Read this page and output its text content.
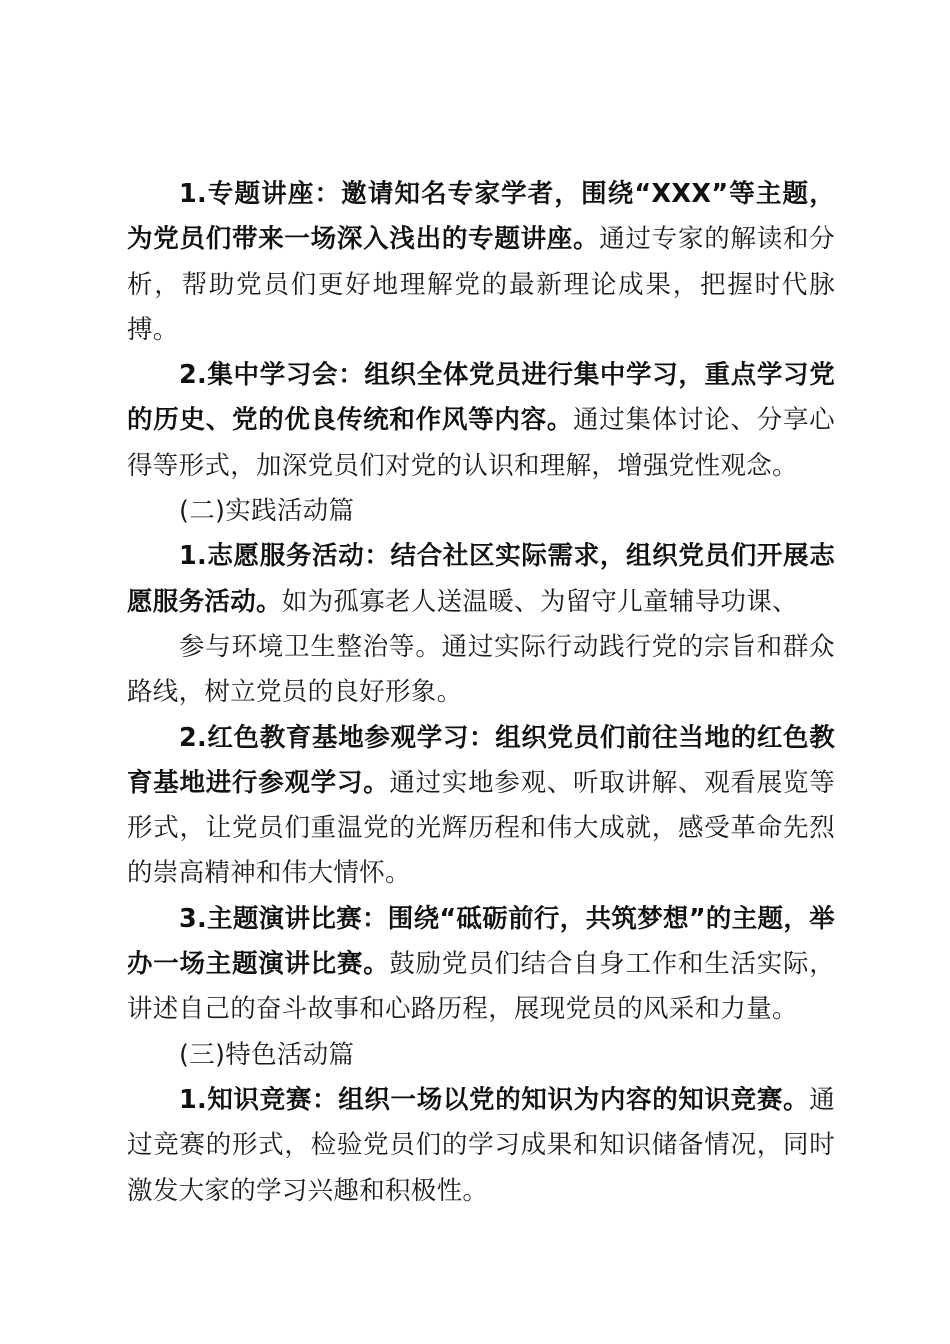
1.专题讲座：邀请知名专家学者，围绕“XXX”等主题，为党员们带来一场深入浅出的专题讲座。通过专家的解读和分析，帮助党员们更好地理解党的最新理论成果，把握时代脉搏。

2.集中学习会：组织全体党员进行集中学习，重点学习党的历史、党的优良传统和作风等内容。通过集体讨论、分享心得等形式，加深党员们对党的认识和理解，增强党性观念。

(二)实践活动篇

1.志愿服务活动：结合社区实际需求，组织党员们开展志愿服务活动。如为孤寡老人送温暖、为留守儿童辅导功课、
参与环境卫生整治等。通过实际行动践行党的宗旨和群众路线，树立党员的良好形象。

2.红色教育基地参观学习：组织党员们前往当地的红色教育基地进行参观学习。通过实地参观、听取讲解、观看展览等形式，让党员们重温党的光辉历程和伟大成就，感受革命先烈的崇高精神和伟大情怀。

3.主题演讲比赛：围绕“砥砺前行，共筑梦想”的主题，举办一场主题演讲比赛。鼓励党员们结合自身工作和生活实际，讲述自己的奋斗故事和心路历程，展现党员的风采和力量。

(三)特色活动篇

1.知识竞赛：组织一场以党的知识为内容的知识竞赛。通过竞赛的形式，检验党员们的学习成果和知识储备情况，同时激发大家的学习兴趣和积极性。
